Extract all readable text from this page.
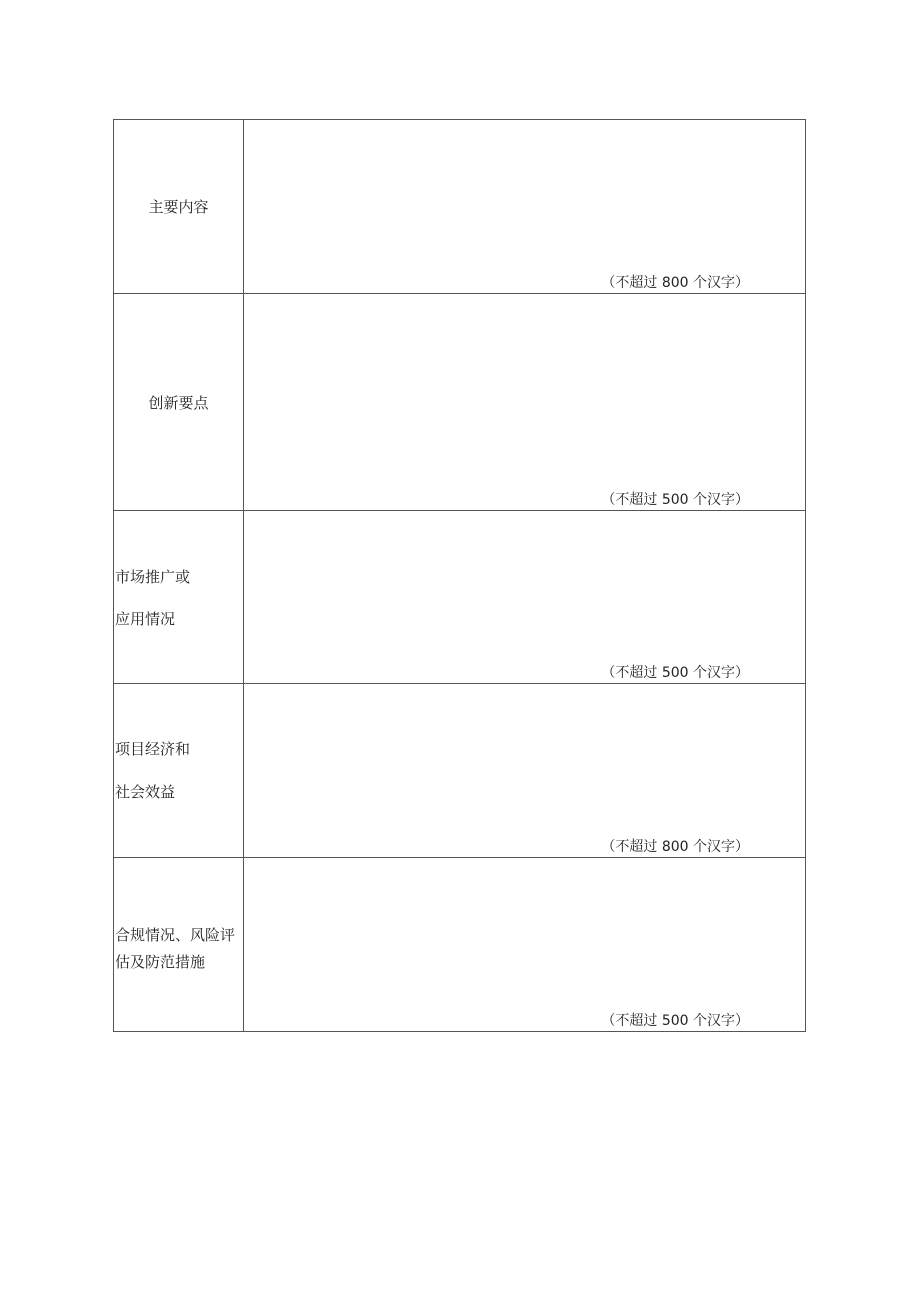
主要内容	（不超过 800 个汉字）

创新要点	（不超过 500 个汉字）

市场推广或
应用情况	（不超过 500 个汉字）

项目经济和
社会效益	（不超过 800 个汉字）

合规情况、风险评
估及防范措施	（不超过 500 个汉字）
